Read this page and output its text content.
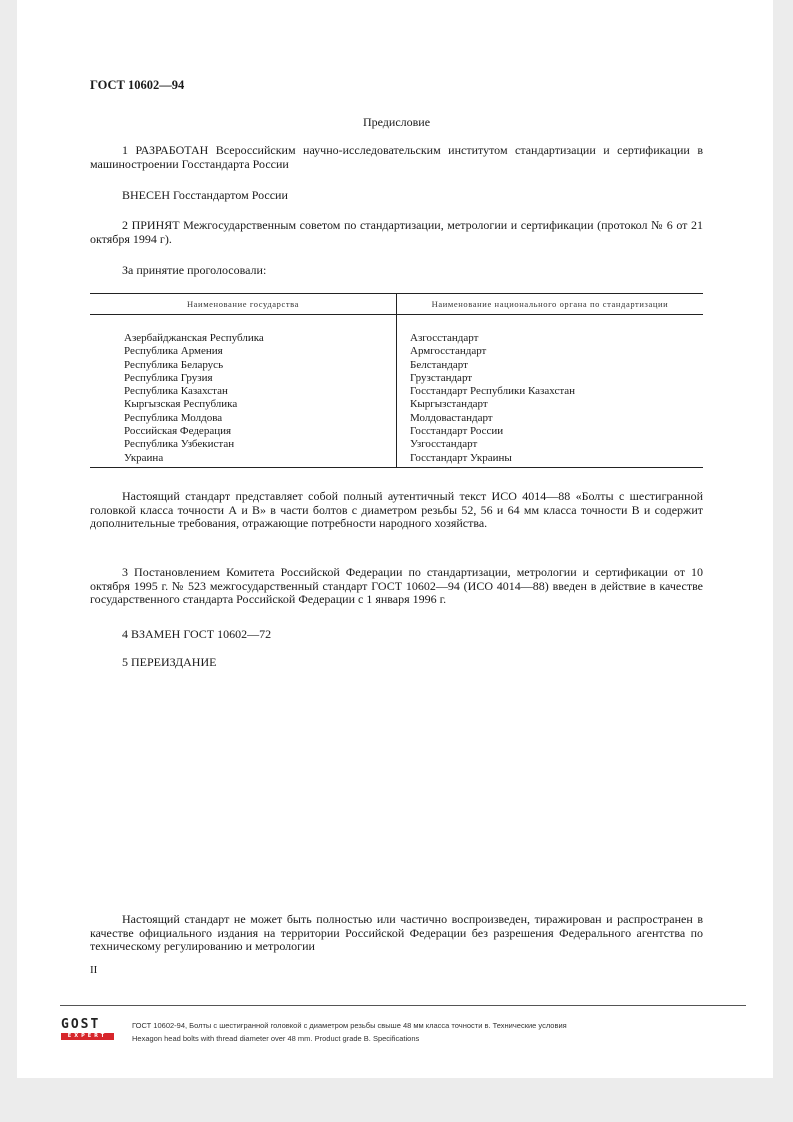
ГОСТ 10602—94
Предисловие

1 РАЗРАБОТАН Всероссийским научно-исследовательским институтом стандартизации и сертификации в машиностроении Госстандарта России

ВНЕСЕН Госстандартом России

2 ПРИНЯТ Межгосударственным советом по стандартизации, метрологии и сертификации (протокол № 6 от 21 октября 1994 г).

За принятие проголосовали:

Наименование государства	Наименование национального органа по стандартизации

Азербайджанская Республика	Азгосстандарт
Республика Армения	Армгосстандарт
Республика Беларусь	Белстандарт
Республика Грузия	Грузстандарт
Республика Казахстан	Госстандарт Республики Казахстан
Кыргызская Республика	Кыргызстандарт
Республика Молдова	Молдовастандарт
Российская Федерация	Госстандарт России
Республика Узбекистан	Узгосстандарт
Украина	Госстандарт Украины

Настоящий стандарт представляет собой полный аутентичный текст ИСО 4014—88 «Болты с шестигранной головкой класса точности А и В» в части болтов с диаметром резьбы 52, 56 и 64 мм класса точности В и содержит дополнительные требования, отражающие потребности народного хозяйства.

3 Постановлением Комитета Российской Федерации по стандартизации, метрологии и сертификации от 10 октября 1995 г. № 523 межгосударственный стандарт ГОСТ 10602—94 (ИСО 4014—88) введен в действие в качестве государственного стандарта Российской Федерации с 1 января 1996 г.

4 ВЗАМЕН ГОСТ 10602—72

5 ПЕРЕИЗДАНИЕ

Настоящий стандарт не может быть полностью или частично воспроизведен, тиражирован и распространен в качестве официального издания на территории Российской Федерации без разрешения Федерального агентства по техническому регулированию и метрологии

II
GOST
EXPERT
ГОСТ 10602-94, Болты с шестигранной головкой с диаметром резьбы свыше 48 мм класса точности в. Технические условия
Hexagon head bolts with thread diameter over 48 mm. Product grade B. Specifications
